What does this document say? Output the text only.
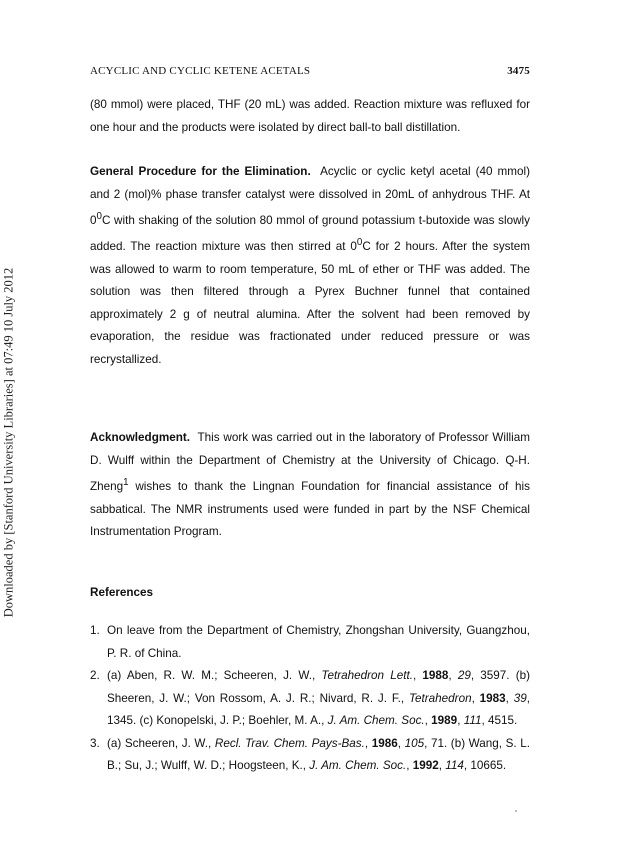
Downloaded by [Stanford University Libraries] at 07:49 10 July 2012
ACYCLIC AND CYCLIC KETENE ACETALS	3475

(80 mmol) were placed, THF (20 mL) was added. Reaction mixture was refluxed for one hour and the products were isolated by direct ball-to ball distillation.

General Procedure for the Elimination. Acyclic or cyclic ketyl acetal (40 mmol) and 2 (mol)% phase transfer catalyst were dissolved in 20mL of anhydrous THF. At $0^0C$ with shaking of the solution 80 mmol of ground potassium t-butoxide was slowly added. The reaction mixture was then stirred at $0^0C$ for 2 hours. After the system was allowed to warm to room temperature, 50 mL of ether or THF was added. The solution was then filtered through a Pyrex Buchner funnel that contained approximately 2 g of neutral alumina. After the solvent had been removed by evaporation, the residue was fractionated under reduced pressure or was recrystallized.

Acknowledgment. This work was carried out in the laboratory of Professor William D. Wulff within the Department of Chemistry at the University of Chicago. Q-H. Zheng$^1$ wishes to thank the Lingnan Foundation for financial assistance of his sabbatical. The NMR instruments used were funded in part by the NSF Chemical Instrumentation Program.

References

1. On leave from the Department of Chemistry, Zhongshan University, Guangzhou, P. R. of China.
2. (a) Aben, R. W. M.; Scheeren, J. W., Tetrahedron Lett., 1988, 29, 3597. (b) Sheeren, J. W.; Von Rossom, A. J. R.; Nivard, R. J. F., Tetrahedron, 1983, 39, 1345. (c) Konopelski, J. P.; Boehler, M. A., J. Am. Chem. Soc., 1989, 111, 4515.
3. (a) Scheeren, J. W., Recl. Trav. Chem. Pays-Bas., 1986, 105, 71. (b) Wang, S. L. B.; Su, J.; Wulff, W. D.; Hoogsteen, K., J. Am. Chem. Soc., 1992, 114, 10665.
